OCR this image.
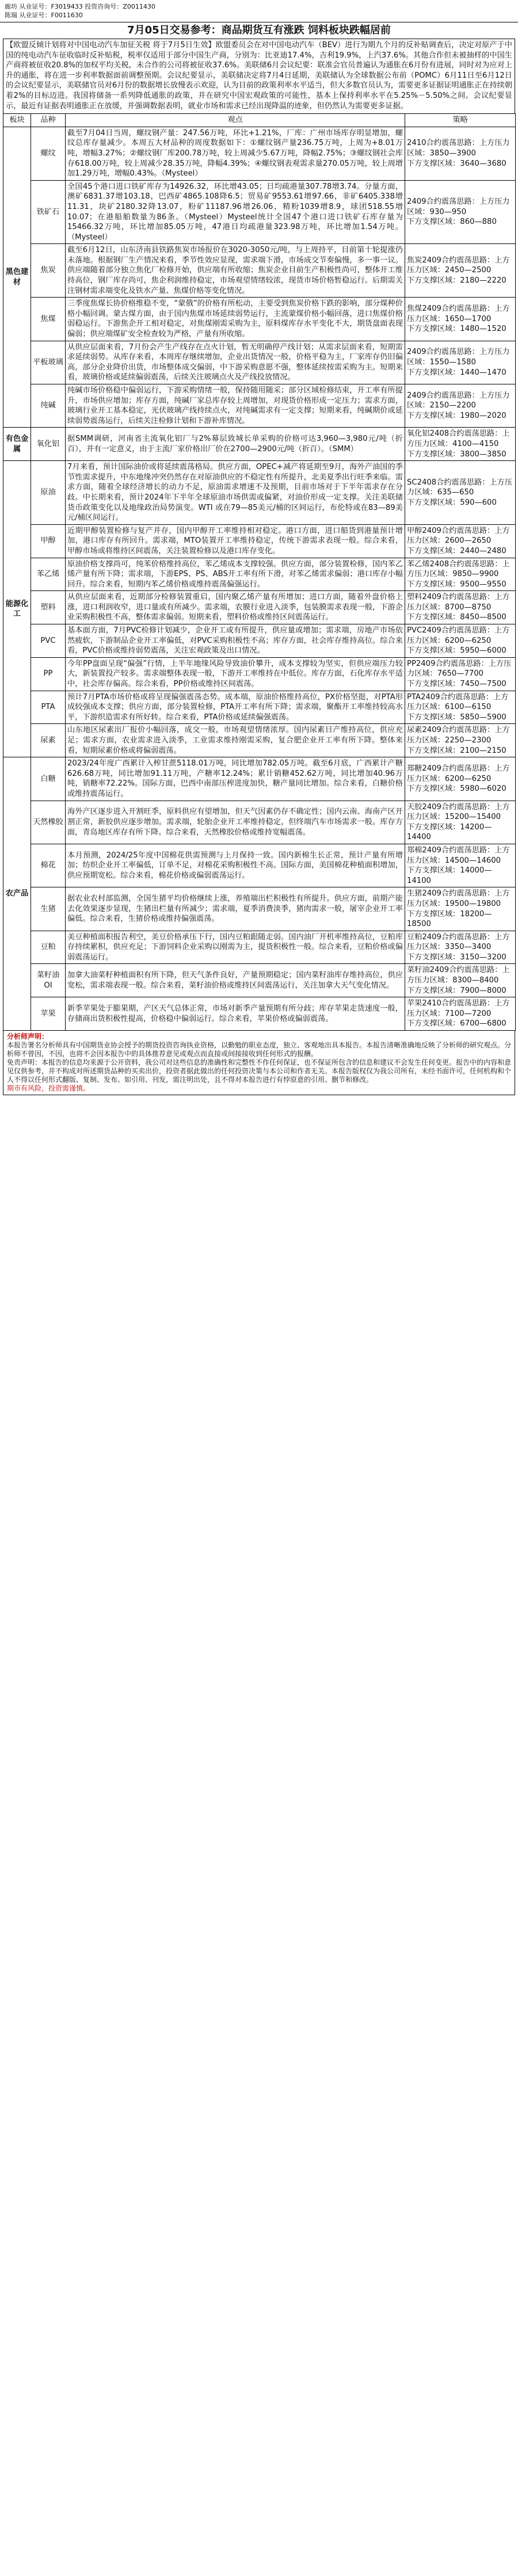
廊坊 从业证号：F3019433 投资咨询号：Z0011430
陈瑞 从业证号：F0011630
7月05日交易参考：商品期货互有涨跌 饲料板块跌幅居前
【欧盟反倾计划将对中国电动汽车加征关税 将于7月5日生效】欧盟委员会在对中国电动汽车（BEV）进行为期九个月的反补贴调查后，决定对原产于中国的纯电动汽车征收临时反补贴税，税率仅适用于部分中国生产商，分别为：比亚迪17.4%，吉利19.9%，上汽37.6%。其他合作但未被抽样的中国生产商将被征收20.8%的加权平均关税，未合作的公司将被征收37.6%。美联储6月会议纪要：联准会官员普遍认为通胀在6月份有进展，同时对为应对上升的通胀，将在进一步利率数据面前调整预期。会议纪要显示，美联储决定将7月4日延期，美联储认为全球数据公布前（POMC）6月11日至6月12日的会议纪要显示，美联储官员对6月份的数据增长放慢表示欢迎，认为目前的政策利率水平适当，但大多数官员认为，需要更多证据证明通胀正在持续朝着2%的目标迈进。我国将储备一系列降低通胀的政策，并在研究中国宏观政策的可能性，基本上保持利率水平在5.25%－5.50%之间。会议纪要显示，最近有证据表明通胀正在放缓，并强调数据表明，就业市场和需求已经出现降温的迹象，但仍然认为需要更多证据。
板块	品种	观点	策略
黑色建材	螺纹	截至7月04日当周，螺纹钢产量：247.56万吨，环比+1.21%，厂库：广州市场库存明显增加，螺纹总库存量减少。本周五大材品种的周度数据如下：①螺纹钢产量236.75万吨，上周为+8.01万吨，增幅3.27%；②螺纹钢厂库200.78万吨，较上周减少5.67万吨，降幅2.75%；③螺纹钢社会库存618.00万吨，较上周减少28.35万吨，降幅4.39%；④螺纹钢表观需求量270.05万吨，较上周增加1.29万吨，增幅0.43%。（Mysteel）	2410合约震荡思路：上方压力区域：3850—3900
下方支撑区域：3640—3680
	铁矿石	全国45个港口进口铁矿库存为14926.32，环比增43.05；日均疏港量307.78增3.74。分量方面，澳矿6831.37增103.18，巴西矿4865.108降6.5；贸易矿9553.61增97.66，非矿6405.338增11.31，块矿2180.32降13.07，粉矿11187.96增26.06，精粉1039增8.9，球团518.55增10.07；在港船舶数量为86条。（Mysteel）Mysteel统计全国47个港口进口铁矿石库存量为15466.32万吨，环比增加85.05万吨，47港日均疏港量323.98万吨，环比增加1.54万吨。（Mysteel）	2409合约震荡思路：上方压力区域：930—950
下方支撑区域：860—880
	焦炭	截至6月12日，山东济南县铁路焦炭市场报价在3020-3050元/吨，与上周持平，目前第十轮提涨仍未落地。根据钢厂生产情况来看，季节性效应显现，需求端下滑，市场成交节奏偏慢，多一事一议。供应端随着部分独立焦化厂检修开始，供应端有所收缩；焦炭企业目前生产积极性尚可，整体开工维持高位，钢厂库存尚可，焦企利润维持稳定，市场观望情绪较浓，现货市场价格暂稳运行。后期需关注钢材需求端变化及铁水产量、焦煤价格等变化情况。	焦炭2409合约震荡思路：上方压力区域：2450—2500
下方支撑区域：2180—2220
	焦煤	三季度焦煤长协价格维稳不变，“蒙俄”的价格有所松动，主要受到焦炭价格下跌的影响，部分煤种价格小幅回调。蒙古煤方面，由于国内焦煤市场延续弱势运行，主流蒙煤价格小幅回落，进口焦煤价格弱稳运行。下游焦企开工相对稳定，对焦煤刚需采购为主，原料煤库存水平变化不大，期货盘面表现偏弱；供应端煤矿安全检查较为严格，产量有所收缩。	焦煤2409合约震荡思路：上方压力区域：1650—1700
下方支撑区域：1480—1520
	平板玻璃	从供应层面来看，7月份会产生产线存在点火计划，暂无明确停产线计划；从需求层面来看，短期需求延续弱势。从库存来看，本周库存继续增加，企业出货情况一般，价格平稳为主，厂家库存仍旧偏高，部分企业降价出货，市场整体成交偏弱，中下游采购意愿不强，整体延续按需采购为主。短期来看，玻璃价格或延续偏弱震荡，后续关注玻璃点火及产线投放情况。	2409合约震荡思路：上方压力区域：1550—1580
下方支撑区域：1440—1470
	纯碱	纯碱市场价格稳中偏弱运行，下游采购情绪一般，保持随用随采；部分区域检修结束，开工率有所提升，市场供应增加；库存方面，纯碱厂家总库存较上周增加，对现货价格形成一定压力；需求方面，玻璃行业开工基本稳定，光伏玻璃产线持续点火，对纯碱需求有一定支撑；短期来看，纯碱期价或延续弱势震荡运行，后续关注检修计划和下游补库情况。	2409合约震荡思路：上方压力区域：2150—2200
下方支撑区域：1980—2020
有色金属	氧化铝	据SMM调研，河南省主流氧化铝厂与2%幕层致城长单采购的价格可达3,960—3,980元/吨（折百），并有一定意义，由于主流厂家价格出厂价在2700—2900元/吨（折百）。（SMM）	氧化铝2408合约震荡思路：上方压力区域：4100—4150
下方支撑区域：3800—3850
能源化工	原油	7月来看，预计国际油价或将延续震荡格局。供应方面，OPEC+减产将延期至9月，海外产油国的季节性需求提升，中东地缘冲突仍然存在对原油供应的不稳定性有所提升，北美夏季出行旺季来临。需求方面，随着全球经济增长的动力不足，原油需求增速不及预期，目前市场对于下半年需求存在分歧。中长期来看，预计2024年下半年全球原油市场供需或偏紧，对油价形成一定支撑。关注美联储货币政策变化以及地缘政治局势演变。WTI 或在79—85美元/桶的区间运行，布伦特或在83—89美元/桶区间运行。	SC2408合约震荡思路：上方压力区域：635—650
下方支撑区域：590—600
	甲醇	近期甲醇装置检修与复产并存，国内甲醇开工率维持相对稳定。港口方面，进口船货到港量预计增加，港口库存有所回升。需求端，MTO装置开工率维持稳定，传统下游需求表现一般。综合来看，甲醇市场或将维持区间震荡，关注装置检修以及港口库存变化。	甲醇2409合约震荡思路：上方压力区域：2600—2650
下方支撑区域：2440—2480
	苯乙烯	原油价格支撑尚可，纯苯价格维持高位，苯乙烯成本支撑较强。供应方面，部分装置检修，国内苯乙烯产量有所下降；需求端，下游EPS、PS、ABS开工率有所下滑，对苯乙烯需求偏弱；港口库存小幅回升。综合来看，短期内苯乙烯价格或维持震荡偏强运行。	苯乙烯2408合约震荡思路：上方压力区域：9850—9900
下方支撑区域：9500—9550
	塑料	从供应层面来看，近期部分检修装置重启，国内聚乙烯产量有所增加；进口方面，随着外盘价格上涨，进口利润收窄，进口量或有所减少。需求端，农膜行业进入淡季，包装膜需求表现一般，下游企业采购积极性不高，整体需求偏弱。短期来看，塑料价格或维持区间震荡运行。	塑料2409合约震荡思路：上方压力区域：8700—8750
下方支撑区域：8450—8500
	PVC	基本面方面，7月PVC检修计划减少，企业开工或有所提升，供应量或增加；需求端，房地产市场依然疲软，下游制品企业开工率偏低，对PVC采购积极性不高；库存方面，社会库存维持高位。综合来看，PVC价格或维持弱势震荡，关注宏观政策及出口情况。	PVC2409合约震荡思路：上方压力区域：6200—6250
下方支撑区域：5950—6000
	PP	今年PP盘面呈现“偏强”行情，上半年地缘风险导致油价攀升，成本支撑较为坚实，但供应端压力较大，新装置投产较多。需求端整体表现一般，下游开工率维持在中低位。库存方面，石化库存水平适中，社会库存偏高。综合来看，PP价格或维持区间震荡。	PP2409合约震荡思路：上方压力区域：7650—7700
下方支撑区域：7450—7500
	PTA	预计7月PTA市场价格或将呈现偏强震荡态势。成本端，原油价格维持高位，PX价格坚挺，对PTA形成较强成本支撑；供应方面，部分装置检修，PTA开工率有所下降；需求端，聚酯开工率维持较高水平，下游织造需求有所好转。综合来看，PTA价格或延续偏强震荡。	PTA2409合约震荡思路：上方压力区域：6100—6150
下方支撑区域：5850—5900
	尿素	山东地区尿素出厂报价小幅回落，成交一般，市场观望情绪浓厚。国内尿素日产维持高位，供应充足；需求方面，农业需求进入淡季，工业需求维持刚需采购，复合肥企业开工率有所下降。整体来看，短期尿素价格或将偏弱震荡。	尿素2409合约震荡思路：上方压力区域：2250—2300
下方支撑区域：2100—2150
农产品	白糖	2023/24年度广西累计入榨甘蔗5118.01万吨，同比增加782.05万吨。截至6月底，广西累计产糖626.68万吨，同比增加91.11万吨，产糖率12.24%；累计销糖452.62万吨，同比增加40.96万吨，销糖率72.22%。国际方面，巴西中南部压榨进度加快，糖产量同比增加。综合来看，白糖价格或维持震荡运行。	郑糖2409合约震荡思路：上方压力区域：6200—6250
下方支撑区域：5980—6020
	天然橡胶	海外产区逐步进入开割旺季，原料供应有望增加，但天气因素仍存不确定性；国内云南、海南产区开割正常，新胶供应逐步增加。需求端，轮胎企业开工率维持稳定，但终端汽车市场需求一般。库存方面，青岛地区库存有所下降。综合来看，天然橡胶价格或维持宽幅震荡。	天胶2409合约震荡思路：上方压力区域：15200—15400
下方支撑区域：14200—14400
	棉花	本月预测，2024/25年度中国棉花供需预测与上月保持一致。国内新棉生长正常，预计产量有所增加；纺织企业开工率偏低，订单不足，对棉花采购积极性不高。国际方面，美国棉花种植面积增加，供应预期宽松。综合来看，棉花价格或偏弱震荡运行。	郑棉2409合约震荡思路：上方压力区域：14500—14600
下方支撑区域：14000—14100
	生猪	据农业农村部监测，全国生猪平均价格继续上涨，养殖端出栏积极性有所提升。供应方面，前期产能去化效果逐步显现，生猪出栏量有所减少；需求端，夏季消费淡季，猪肉需求一般，屠宰企业开工率偏低。综合来看，生猪价格或维持偏强震荡。	生猪2409合约震荡思路：上方压力区域：19500—19800
下方支撑区域：18200—18500
	豆粕	美豆种植面积报告利空，美豆价格承压下行，国内豆粕跟随走弱。国内油厂开机率维持高位，豆粕库存持续累积，供应充足；下游饲料企业采购以刚需为主，提货积极性一般。综合来看，豆粕价格或偏弱震荡运行。	豆粕2409合约震荡思路：上方压力区域：3350—3400
下方支撑区域：3150—3200
	菜籽油OI	加拿大油菜籽种植面积有所下降，但天气条件良好，产量预期稳定；国内菜籽油库存维持高位，供应宽松，需求端表现一般。综合来看，菜籽油价格或维持区间震荡运行，关注加拿大天气变化情况。	菜籽油2409合约震荡思路：上方压力区域：8300—8400
下方支撑区域：7900—8000
	苹果	新季苹果处于膨果期，产区天气总体正常，市场对新季产量预期有所分歧；库存苹果走货速度一般，存储商出货积极性提高，价格稳中偏弱运行。综合来看，苹果价格或偏弱震荡。	苹果2410合约震荡思路：上方压力区域：7100—7200
下方支撑区域：6700—6800
分析师声明：
本报告署名分析师具有中国期货业协会授予的期货投资咨询执业资格，以勤勉的职业态度，独立、客观地出具本报告。本报告清晰准确地反映了分析师的研究观点。分析师不曾因，不因，也将不会因本报告中的具体推荐意见或观点而直接或间接接收到任何形式的报酬。
免责声明：本报告的信息均来源于公开资料，我公司对这些信息的准确性和完整性不作任何保证，也不保证所包含的信息和建议不会发生任何变更。报告中的内容和意见仅供参考，并不构成对所述期货品种的买卖出价，投资者据此做出的任何投资决策与本公司和作者无关。本报告版权仅为我公司所有，未经书面许可，任何机构和个人不得以任何形式翻版、复制、发布。如引用、刊发，需注明出处，且不得对本报告进行有悖原意的引用、删节和修改。
期市有风险，投资需谨慎。
